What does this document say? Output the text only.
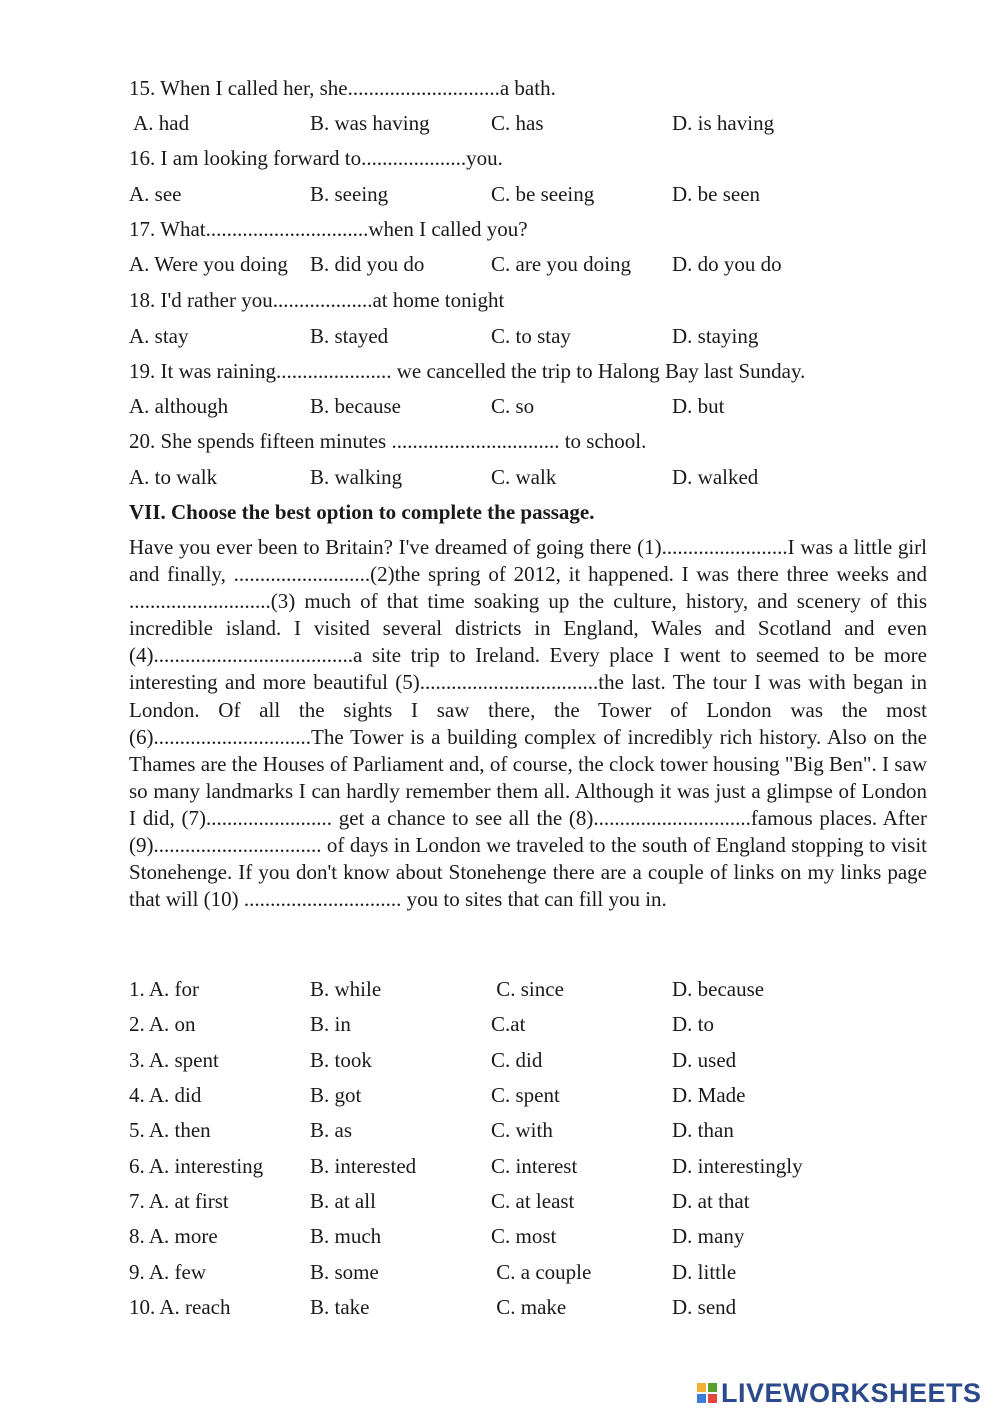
15. When I called her, she.............................a bath.
A. had	B. was having	C. has	D. is having
16. I am looking forward to....................you.
A. see	B. seeing	C. be seeing	D. be seen
17. What...............................when I called you?
A. Were you doing B. did you do	C. are you doing D. do you do
18. I'd rather you...................at home tonight
A. stay	B. stayed	C. to stay	D. staying
19. It was raining...................... we cancelled the trip to Halong Bay last Sunday.
A. although	B. because	C. so	D. but
20. She spends fifteen minutes ................................ to school.
A. to walk	B. walking	C. walk	D. walked
VII. Choose the best option to complete the passage.
Have you ever been to Britain? I've dreamed of going there (1)........................I was a little girl and finally, ..........................(2)the spring of 2012, it happened. I was there three weeks and ...........................(3) much of that time soaking up the culture, history, and scenery of this incredible island. I visited several districts in England, Wales and Scotland and even (4)......................................a site trip to Ireland. Every place I went to seemed to be more interesting and more beautiful (5)..................................the last. The tour I was with began in London. Of all the sights I saw there, the Tower of London was the most (6)..............................The Tower is a building complex of incredibly rich history. Also on the Thames are the Houses of Parliament and, of course, the clock tower housing "Big Ben". I saw so many landmarks I can hardly remember them all. Although it was just a glimpse of London I did, (7)........................ get a chance to see all the (8)..............................famous places. After (9)................................ of days in London we traveled to the south of England stopping to visit Stonehenge. If you don't know about Stonehenge there are a couple of links on my links page that will (10) .............................. you to sites that can fill you in.
1. A. for	B. while	C. since	D. because
2. A. on	B. in	C.at	D. to
3. A. spent	B. took	C. did	D. used
4. A. did	B. got	C. spent	D. Made
5. A. then	B. as	C. with	D. than
6. A. interesting B. interested	C. interest	D. interestingly
7. A. at first	B. at all	C. at least	D. at that
8. A. more	B. much	C. most	D. many
9. A. few	B. some	C. a couple	D. little
10. A. reach	B. take	C. make	D. send
LIVEWORKSHEETS
